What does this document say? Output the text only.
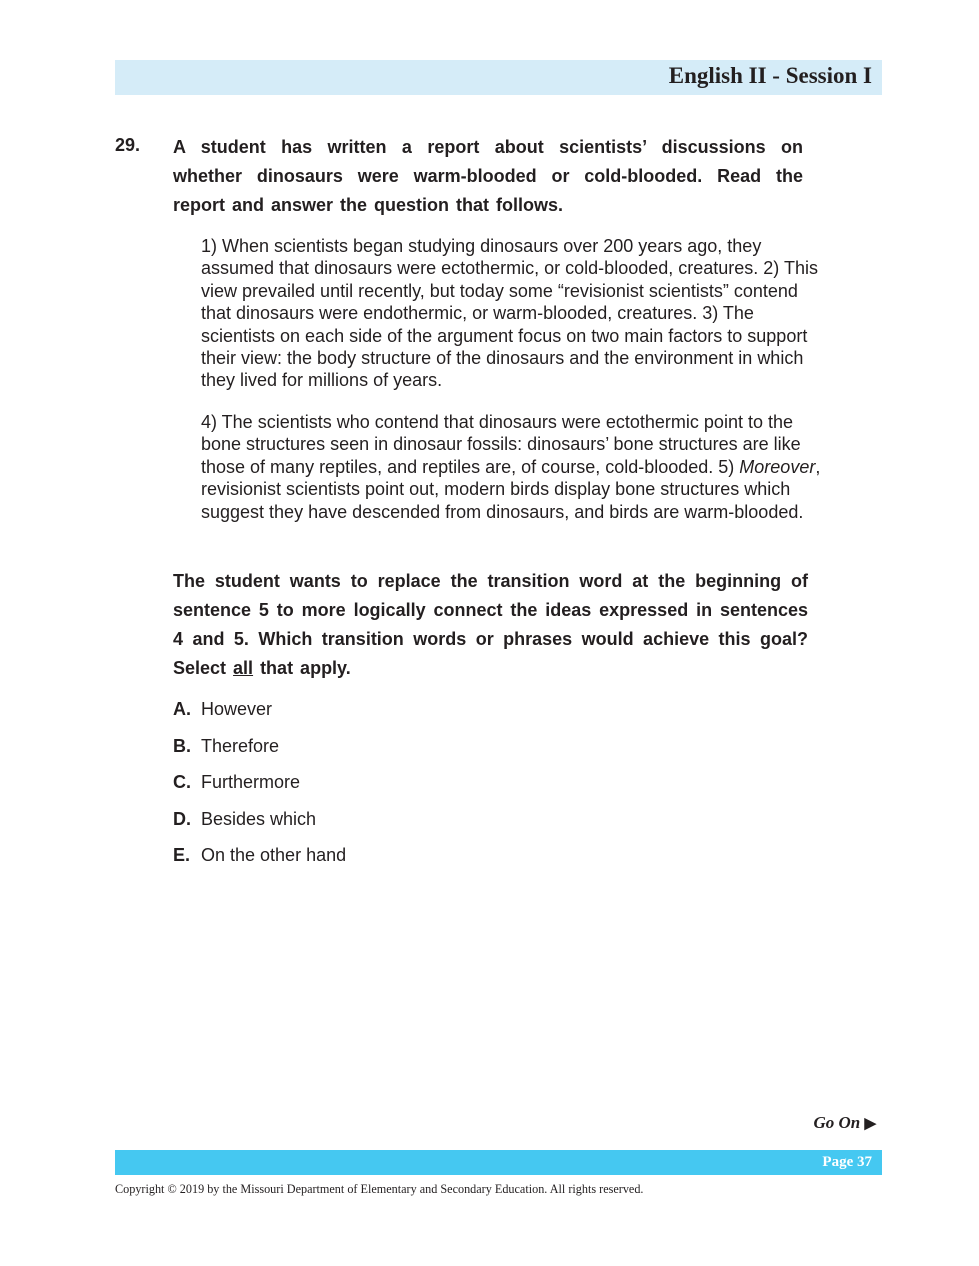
English II - Session I
29. A student has written a report about scientists’ discussions on whether dinosaurs were warm-blooded or cold-blooded. Read the report and answer the question that follows.

1) When scientists began studying dinosaurs over 200 years ago, they assumed that dinosaurs were ectothermic, or cold-blooded, creatures. 2) This view prevailed until recently, but today some “revisionist scientists” contend that dinosaurs were endothermic, or warm-blooded, creatures. 3) The scientists on each side of the argument focus on two main factors to support their view: the body structure of the dinosaurs and the environment in which they lived for millions of years.

4) The scientists who contend that dinosaurs were ectothermic point to the bone structures seen in dinosaur fossils: dinosaurs’ bone structures are like those of many reptiles, and reptiles are, of course, cold-blooded. 5) Moreover, revisionist scientists point out, modern birds display bone structures which suggest they have descended from dinosaurs, and birds are warm-blooded.

The student wants to replace the transition word at the beginning of sentence 5 to more logically connect the ideas expressed in sentences 4 and 5. Which transition words or phrases would achieve this goal? Select all that apply.
A. However
B. Therefore
C. Furthermore
D. Besides which
E. On the other hand
Go On ▶
Page 37
Copyright © 2019 by the Missouri Department of Elementary and Secondary Education. All rights reserved.
